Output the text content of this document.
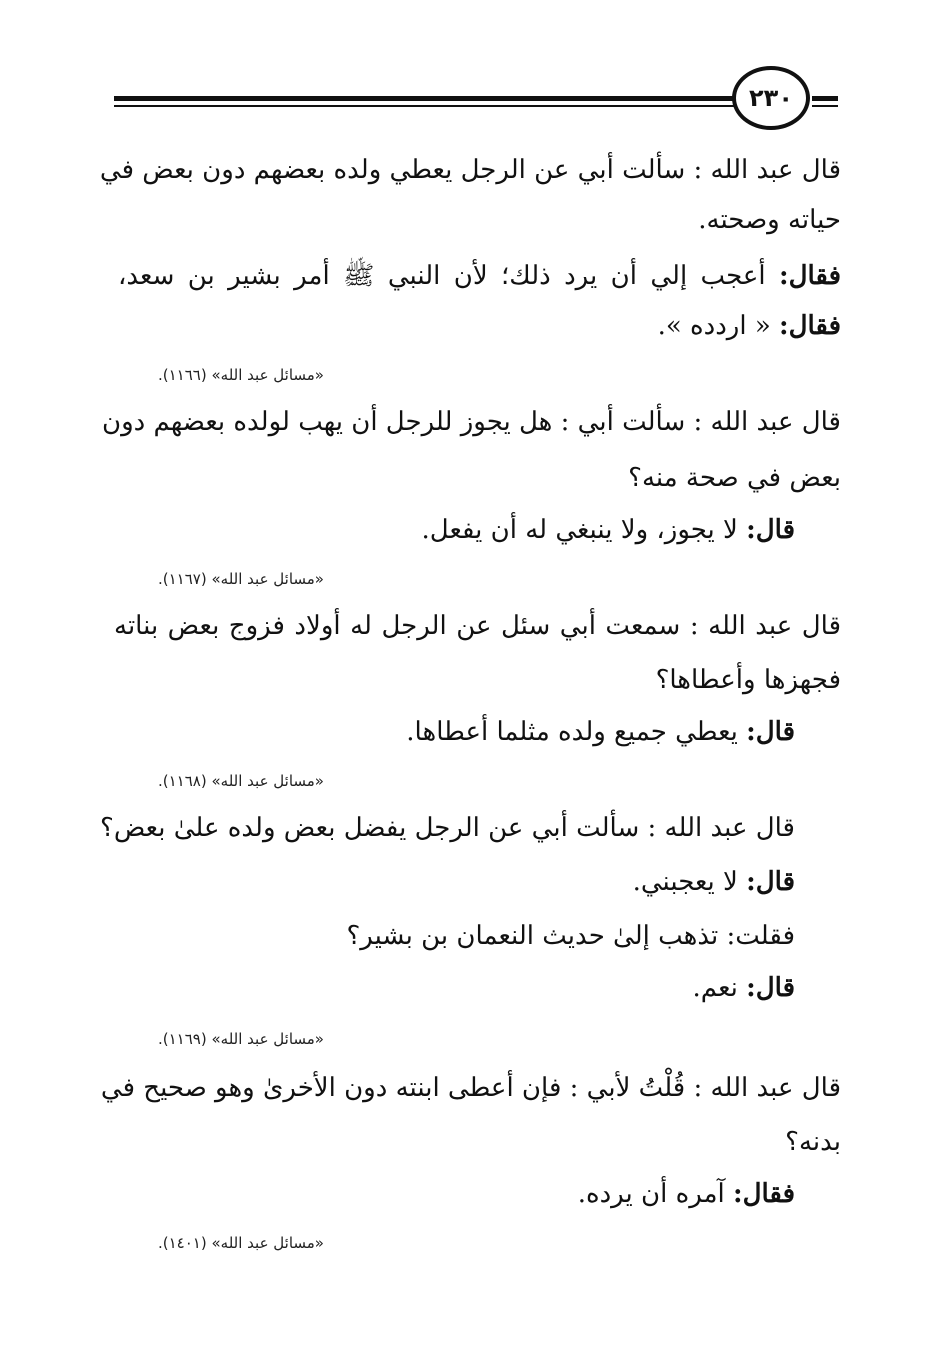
٢٣٠
قال عبد الله : سألت أبي عن الرجل يعطي ولده بعضهم دون بعض في
حياته وصحته.
فقال: أعجب إلي أن يرد ذلك؛ لأن النبي ﷺ أمر بشير بن سعد،
فقال: « اردده ».
«مسائل عبد الله» (١١٦٦).
قال عبد الله : سألت أبي : هل يجوز للرجل أن يهب لولده بعضهم دون
بعض في صحة منه؟
قال: لا يجوز، ولا ينبغي له أن يفعل.
«مسائل عبد الله» (١١٦٧).
قال عبد الله : سمعت أبي سئل عن الرجل له أولاد فزوج بعض بناته
فجهزها وأعطاها؟
قال: يعطي جميع ولده مثلما أعطاها.
«مسائل عبد الله» (١١٦٨).
قال عبد الله : سألت أبي عن الرجل يفضل بعض ولده علىٰ بعض؟
قال: لا يعجبني.
فقلت: تذهب إلىٰ حديث النعمان بن بشير؟
قال: نعم.
«مسائل عبد الله» (١١٦٩).
قال عبد الله : قُلْتُ لأبي : فإن أعطى ابنته دون الأخرىٰ وهو صحيح في
بدنه؟
فقال: آمره أن يرده.
«مسائل عبد الله» (١٤٠١).
